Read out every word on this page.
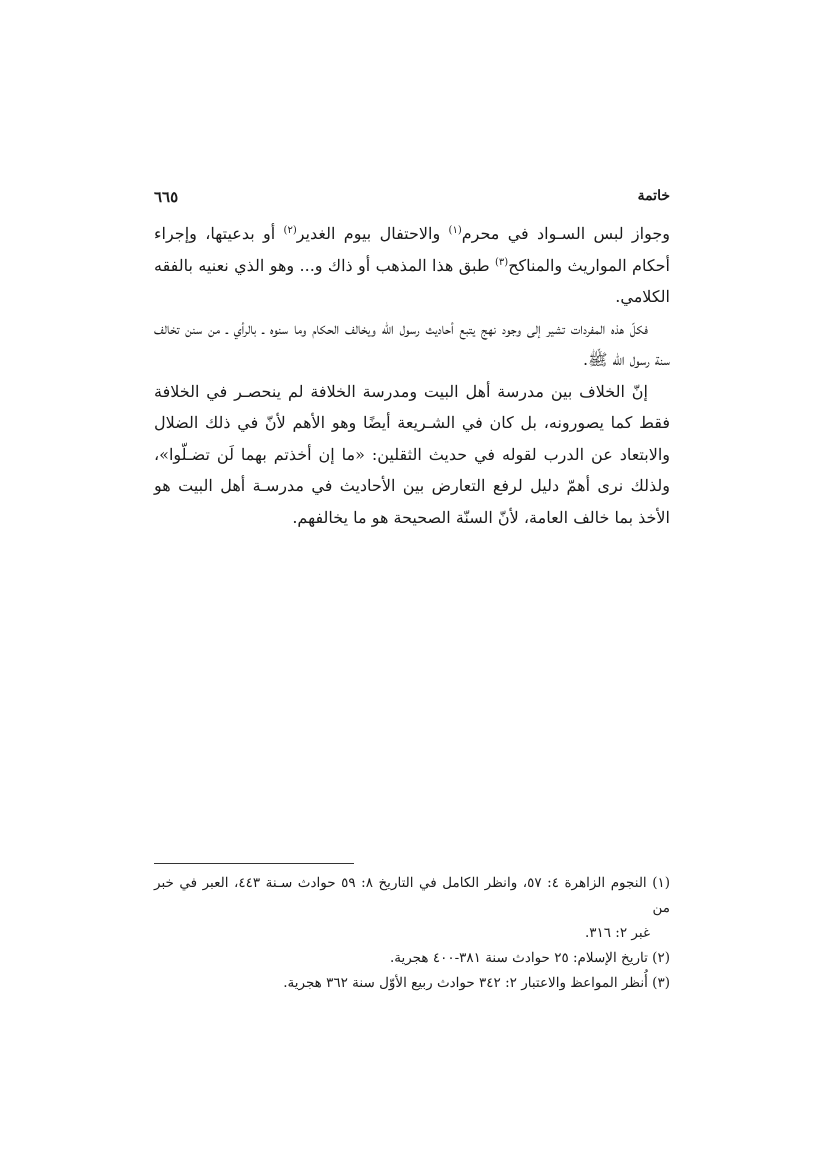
خاتمة
٦٦٥

وجواز لبس السـواد في محرم$^{(١)}$ والاحتفال بيوم الغدير$^{(٢)}$ أو بدعيتها، وإجراء أحكام المواريث والمناكح$^{(٣)}$ طبق هذا المذهب أو ذاك و... وهو الذي نعنيه بالفقه الكلامي.

فكلّ هذه المفردات تشير إلى وجود نهج يتبع أحاديث رسول الله ويخالف الحكام وما سنوه ـ بالرأي ـ من سنن تخالف سنة رسول الله ﷺ.

إنّ الخلاف بين مدرسة أهل البيت ومدرسة الخلافة لم ينحصـر في الخلافة فقط كما يصورونه، بل كان في الشـريعة أيضًا وهو الأهم لأنّ في ذلك الضلال والابتعاد عن الدرب لقوله في حديث الثقلين: «ما إن أخذتم بهما لَن تضـلّوا»، ولذلك نرى أهمّ دليل لرفع التعارض بين الأحاديث في مدرسـة أهل البيت هو الأخذ بما خالف العامة، لأنّ السنّة الصحيحة هو ما يخالفهم.

(١) النجوم الزاهرة ٤: ٥٧، وانظر الكامل في التاريخ ٨: ٥٩ حوادث سـنة ٤٤٣، العبر في خبر من

غبر ٢: ٣١٦.

(٢) تاريخ الإسلام: ٢٥ حوادث سنة ٣٨١-٤٠٠ هجرية.

(٣) أُنظر المواعظ والاعتبار ٢: ٣٤٢ حوادث ربيع الأوّل سنة ٣٦٢ هجرية.
